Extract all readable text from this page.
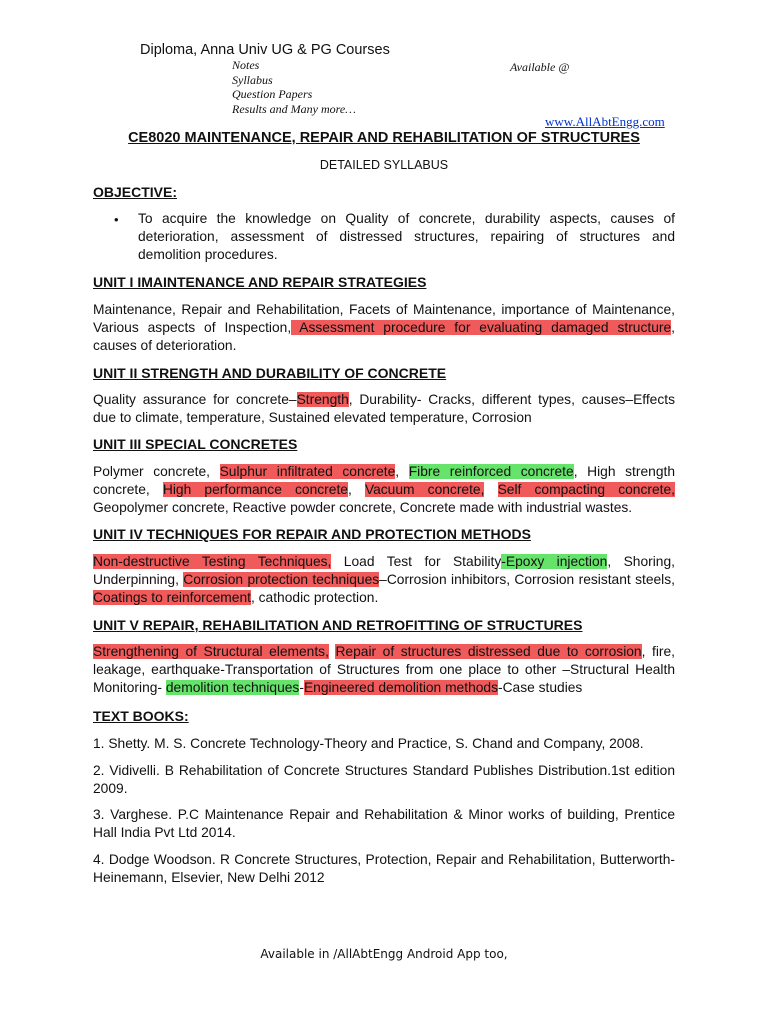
Diploma, Anna Univ UG & PG Courses
Notes
Syllabus
Question Papers
Results and Many more…
Available @
www.AllAbtEngg.com
CE8020 MAINTENANCE, REPAIR AND REHABILITATION OF STRUCTURES
DETAILED SYLLABUS
OBJECTIVE:
• To acquire the knowledge on Quality of concrete, durability aspects, causes of deterioration, assessment of distressed structures, repairing of structures and demolition procedures.
UNIT I IMAINTENANCE AND REPAIR STRATEGIES
Maintenance, Repair and Rehabilitation, Facets of Maintenance, importance of Maintenance, Various aspects of Inspection, Assessment procedure for evaluating damaged structure, causes of deterioration.
UNIT II STRENGTH AND DURABILITY OF CONCRETE
Quality assurance for concrete–Strength, Durability- Cracks, different types, causes–Effects due to climate, temperature, Sustained elevated temperature, Corrosion
UNIT III SPECIAL CONCRETES
Polymer concrete, Sulphur infiltrated concrete, Fibre reinforced concrete, High strength concrete, High performance concrete, Vacuum concrete, Self compacting concrete, Geopolymer concrete, Reactive powder concrete, Concrete made with industrial wastes.
UNIT IV TECHNIQUES FOR REPAIR AND PROTECTION METHODS
Non-destructive Testing Techniques, Load Test for Stability-Epoxy injection, Shoring, Underpinning, Corrosion protection techniques–Corrosion inhibitors, Corrosion resistant steels, Coatings to reinforcement, cathodic protection.
UNIT V REPAIR, REHABILITATION AND RETROFITTING OF STRUCTURES
Strengthening of Structural elements, Repair of structures distressed due to corrosion, fire, leakage, earthquake-Transportation of Structures from one place to other –Structural Health Monitoring- demolition techniques-Engineered demolition methods-Case studies
TEXT BOOKS:
1. Shetty. M. S. Concrete Technology-Theory and Practice, S. Chand and Company, 2008.
2. Vidivelli. B Rehabilitation of Concrete Structures Standard Publishes Distribution.1st edition 2009.
3. Varghese. P.C Maintenance Repair and Rehabilitation & Minor works of building, Prentice Hall India Pvt Ltd 2014.
4. Dodge Woodson. R Concrete Structures, Protection, Repair and Rehabilitation, Butterworth- Heinemann, Elsevier, New Delhi 2012
Available in /AllAbtEngg Android App too,
